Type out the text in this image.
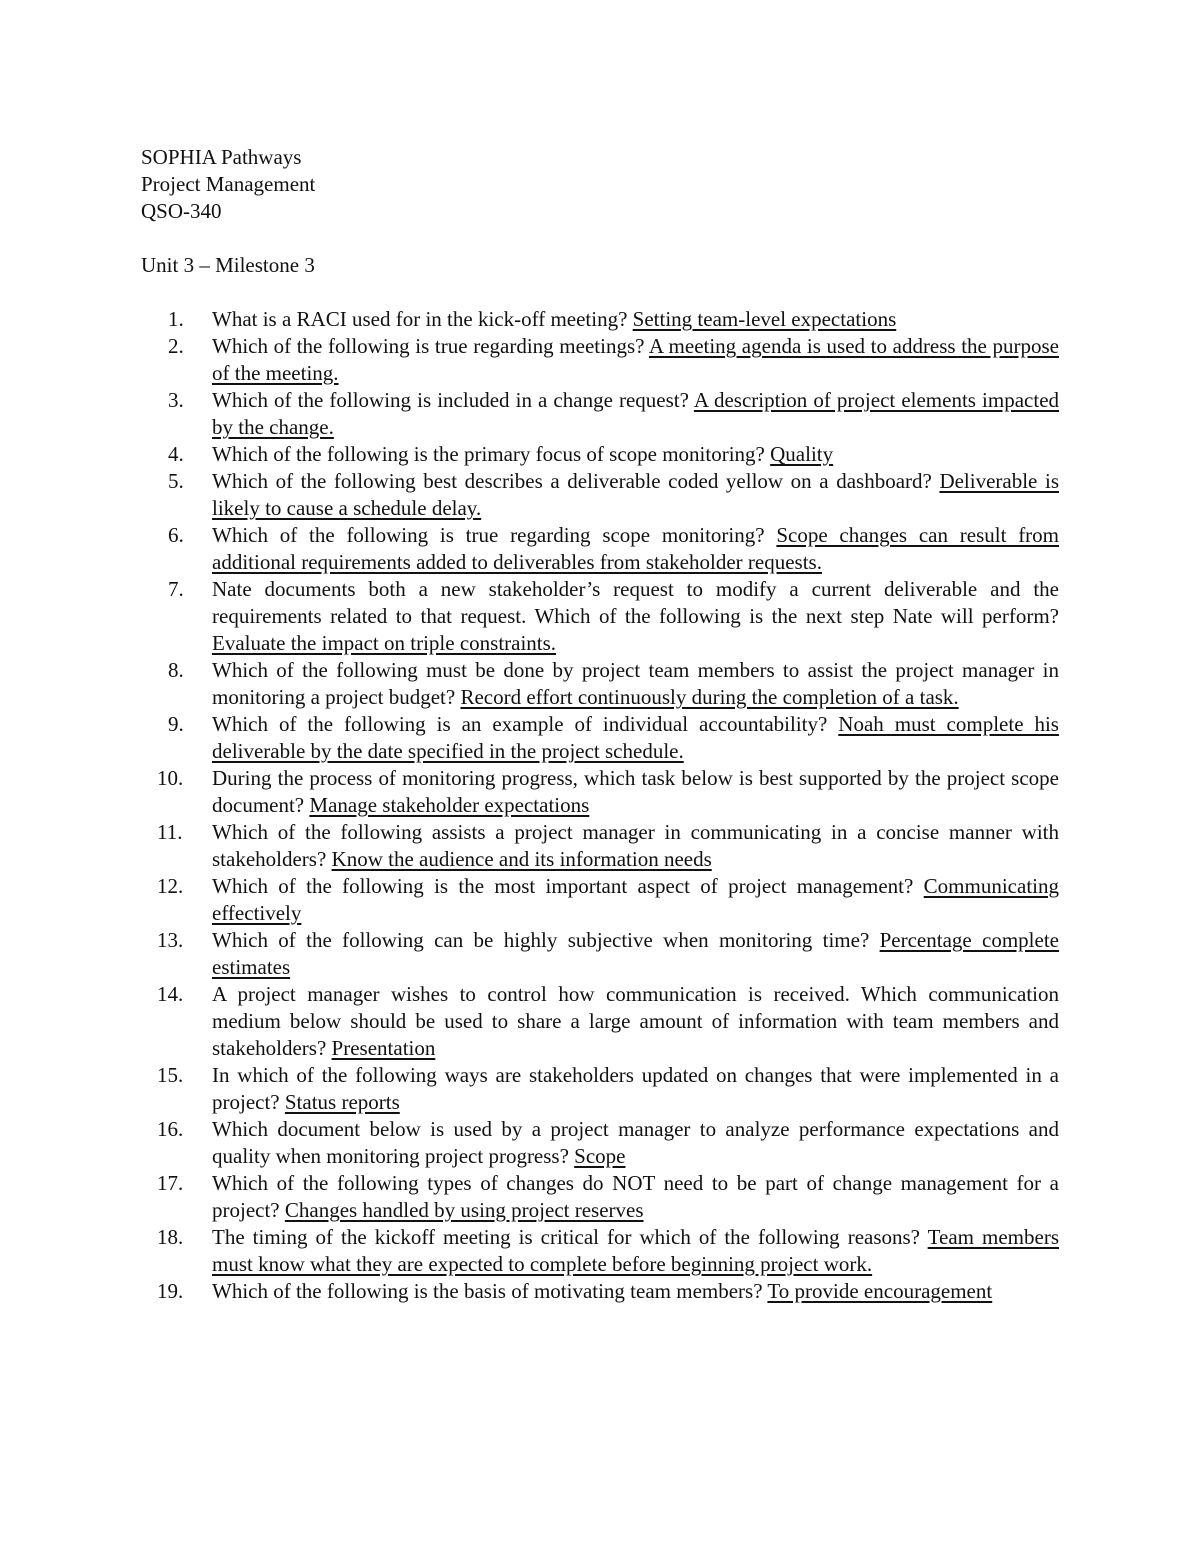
SOPHIA Pathways
Project Management
QSO-340
Unit 3 – Milestone 3
1. What is a RACI used for in the kick-off meeting? Setting team-level expectations
2. Which of the following is true regarding meetings? A meeting agenda is used to address the purpose of the meeting.
3. Which of the following is included in a change request? A description of project elements impacted by the change.
4. Which of the following is the primary focus of scope monitoring? Quality
5. Which of the following best describes a deliverable coded yellow on a dashboard? Deliverable is likely to cause a schedule delay.
6. Which of the following is true regarding scope monitoring? Scope changes can result from additional requirements added to deliverables from stakeholder requests.
7. Nate documents both a new stakeholder’s request to modify a current deliverable and the requirements related to that request. Which of the following is the next step Nate will perform? Evaluate the impact on triple constraints.
8. Which of the following must be done by project team members to assist the project manager in monitoring a project budget? Record effort continuously during the completion of a task.
9. Which of the following is an example of individual accountability? Noah must complete his deliverable by the date specified in the project schedule.
10. During the process of monitoring progress, which task below is best supported by the project scope document? Manage stakeholder expectations
11. Which of the following assists a project manager in communicating in a concise manner with stakeholders? Know the audience and its information needs
12. Which of the following is the most important aspect of project management? Communicating effectively
13. Which of the following can be highly subjective when monitoring time? Percentage complete estimates
14. A project manager wishes to control how communication is received. Which communication medium below should be used to share a large amount of information with team members and stakeholders? Presentation
15. In which of the following ways are stakeholders updated on changes that were implemented in a project? Status reports
16. Which document below is used by a project manager to analyze performance expectations and quality when monitoring project progress? Scope
17. Which of the following types of changes do NOT need to be part of change management for a project? Changes handled by using project reserves
18. The timing of the kickoff meeting is critical for which of the following reasons? Team members must know what they are expected to complete before beginning project work.
19. Which of the following is the basis of motivating team members? To provide encouragement
